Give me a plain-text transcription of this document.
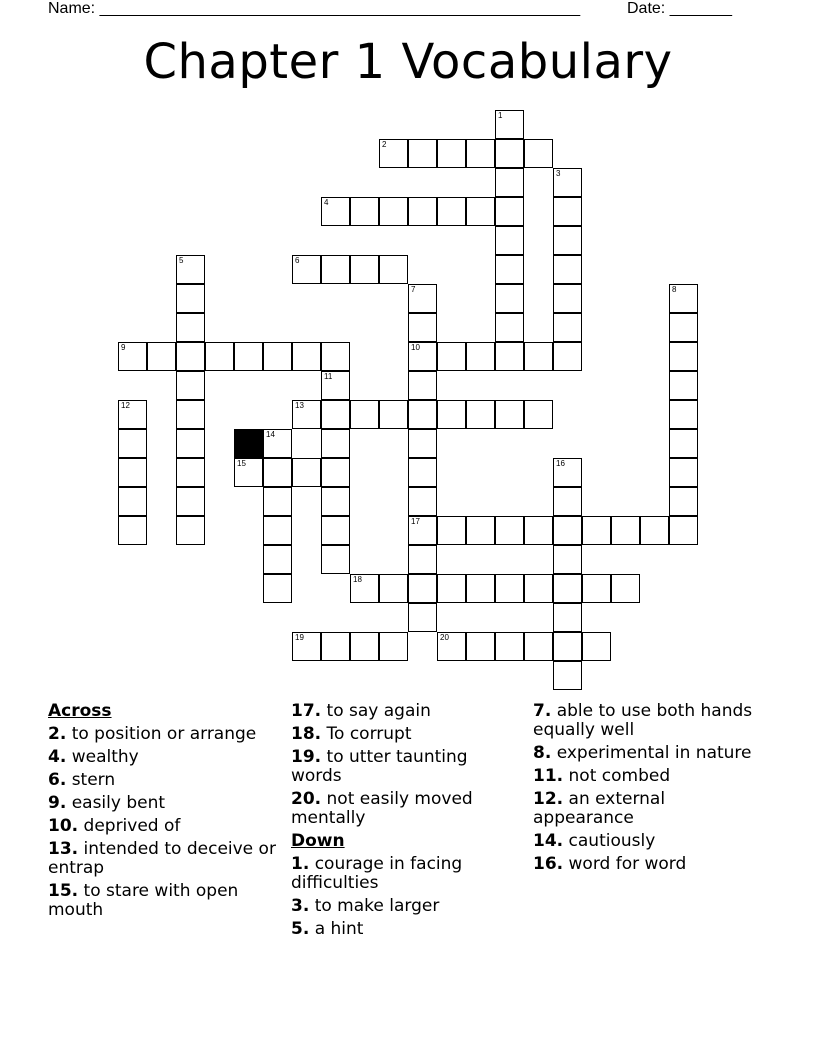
Name: ______________________________________________________	Date: _______
Chapter 1 Vocabulary
1
2
3
4
5	6
7
10
17
8
9
11
12	13
14
15	16
18
19	20
Across
2. to position or arrange
4. wealthy
6. stern
9. easily bent
10. deprived of
13. intended to deceive or entrap
15. to stare with open mouth
17. to say again
18. To corrupt
19. to utter taunting words
20. not easily moved mentally
Down
1. courage in facing difficulties
3. to make larger
5. a hint
7. able to use both hands equally well
8. experimental in nature
11. not combed
12. an external appearance
14. cautiously
16. word for word
